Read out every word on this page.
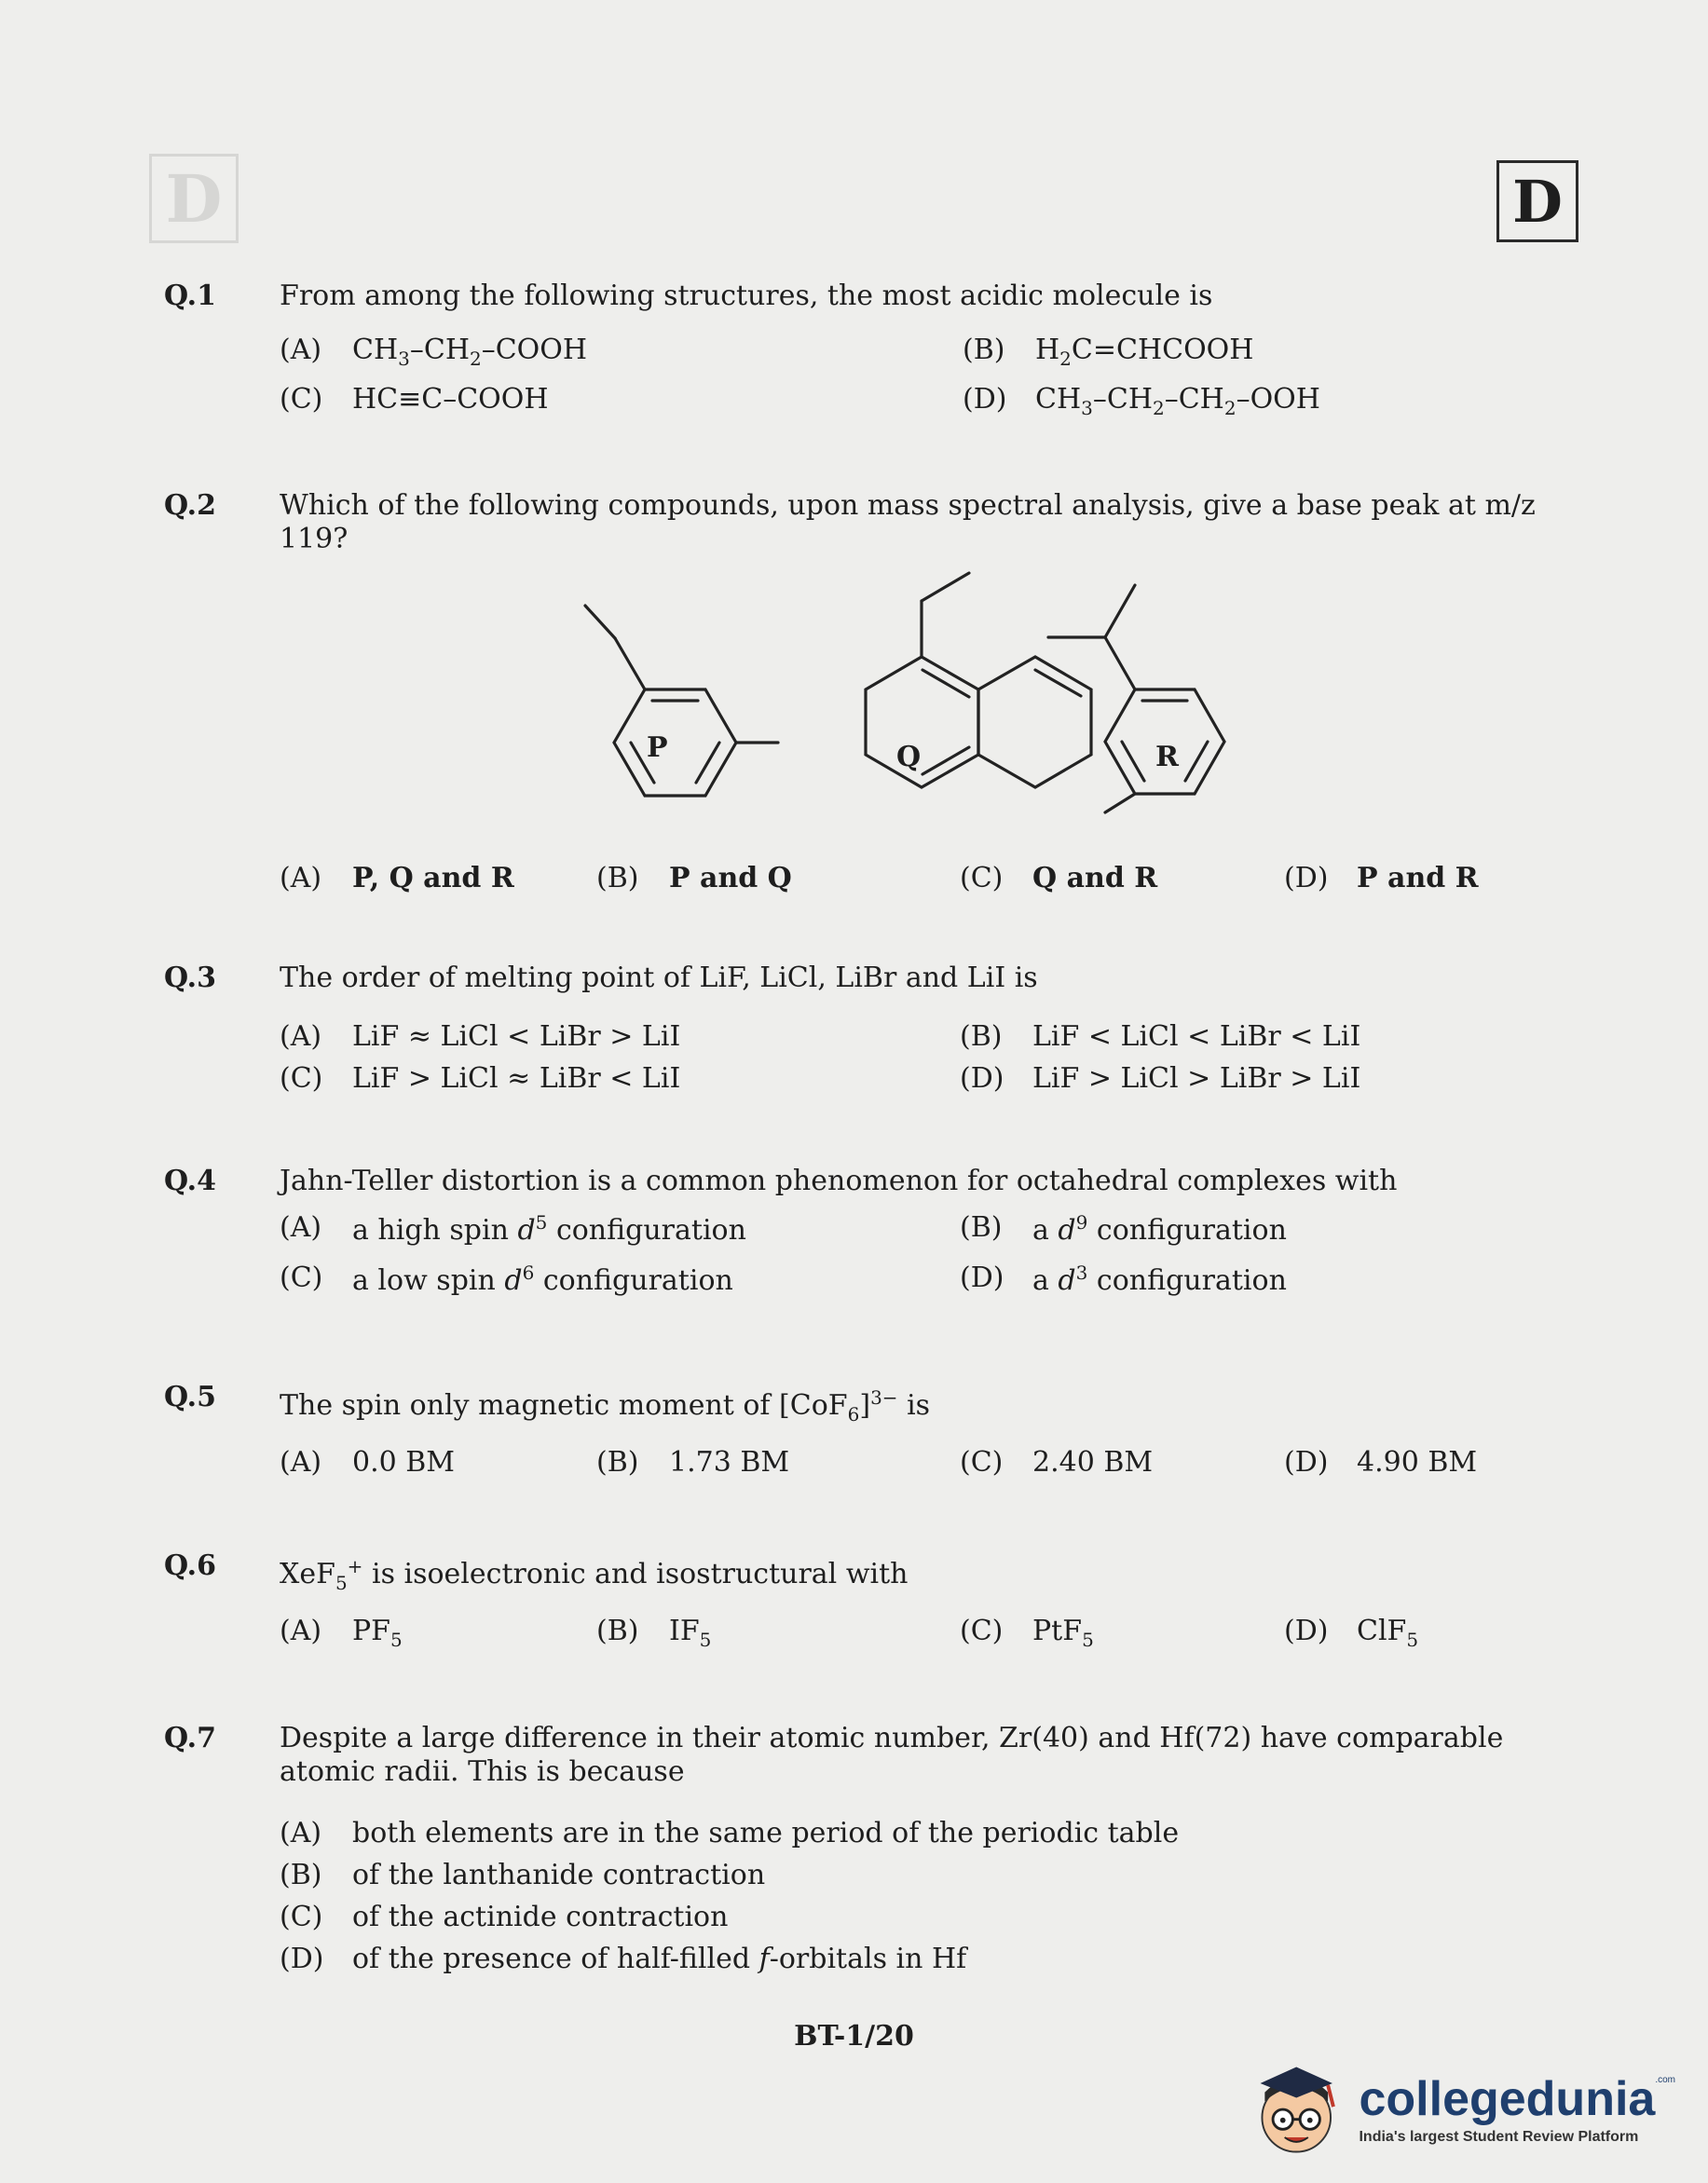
D	D
Q.1 From among the following structures, the most acidic molecule is
(A)	$CH_3-CH_2$–COOH	(B)	$H_2C=CHCOOH$
(C)	HC≡C–COOH	(D)	$CH_3-CH_2-CH_2$–OOH
Q.2 Which of the following compounds, upon mass spectral analysis, give a base peak at m/z 119?
P	Q	R
(A)	P, Q and R	(B)	P and Q	(C)	Q and R	(D)	P and R
Q.3 The order of melting point of LiF, LiCl, LiBr and LiI is
(A)	LiF ≈ LiCl < LiBr > LiI	(B)	LiF < LiCl < LiBr < LiI
(C)	LiF > LiCl ≈ LiBr < LiI	(D)	LiF > LiCl > LiBr > LiI
Q.4 Jahn-Teller distortion is a common phenomenon for octahedral complexes with
(A)	a high spin $d^5$ configuration	(B)	a $d^9$ configuration
(C)	a low spin $d^6$ configuration	(D)	a $d^3$ configuration
Q.5 The spin only magnetic moment of $[CoF_6]^{3-}$ is
(A)	0.0 BM	(B)	1.73 BM	(C)	2.40 BM	(D)	4.90 BM
Q.6 XeF$_5$+ is isoelectronic and isostructural with
(A)	$PF_5$	(B)	$IF_5$	(C)	PtF$_5$	(D)	ClF$_5$
Q.7 Despite a large difference in their atomic number, Zr(40) and Hf(72) have comparable atomic radii. This is because
(A)	both elements are in the same period of the periodic table
(B)	of the lanthanide contraction
(C)	of the actinide contraction
(D)	of the presence of half-filled f-orbitals in Hf
BT-1/20
collegedunia .com
India's largest Student Review Platform
